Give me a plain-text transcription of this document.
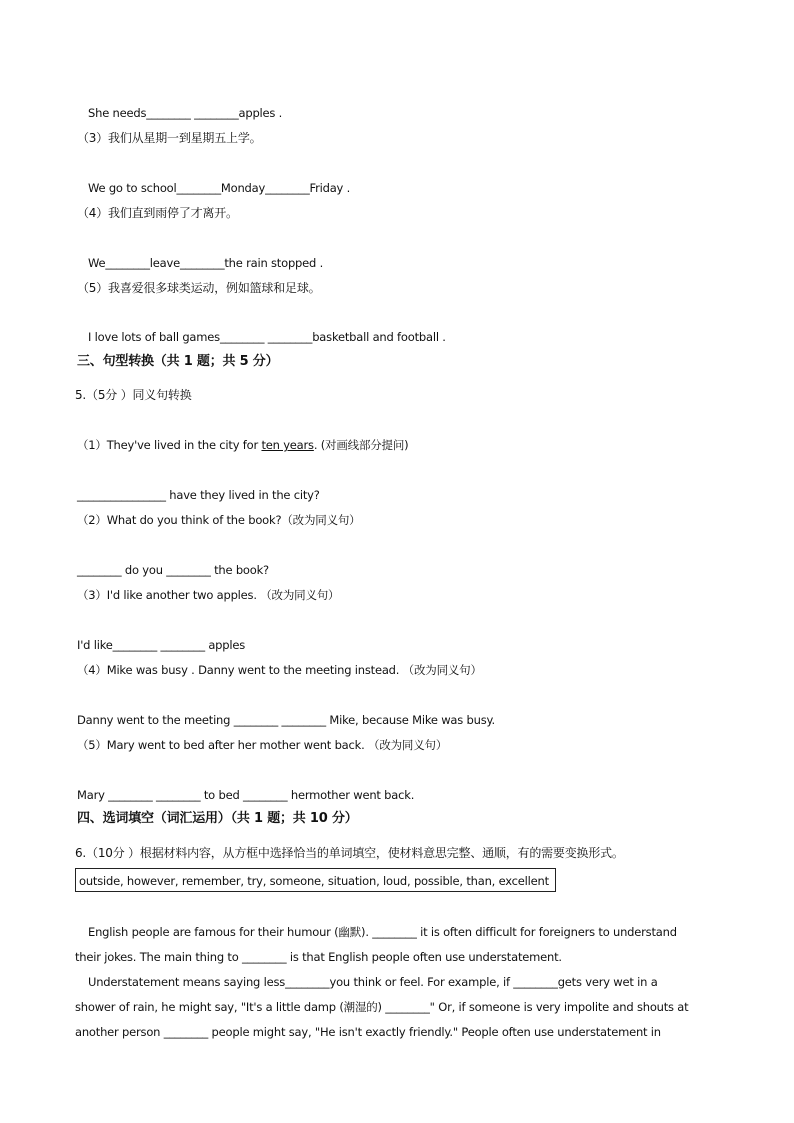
She needs________ ________apples .
（3）我们从星期一到星期五上学。
We go to school________Monday________Friday .
（4）我们直到雨停了才离开。
We________leave________the rain stopped .
（5）我喜爱很多球类运动，例如篮球和足球。
I love lots of ball games________ ________basketball and football .
三、句型转换（共 1 题；共 5 分）
5.（5分 ）同义句转换
（1）They've lived in the city for ten years. (对画线部分提问)
________________ have they lived in the city?
（2）What do you think of the book?（改为同义句）
________ do you ________ the book?
（3）I'd like another two apples. （改为同义句）
I'd like________ ________ apples
（4）Mike was busy . Danny went to the meeting instead. （改为同义句）
Danny went to the meeting ________ ________ Mike, because Mike was busy.
（5）Mary went to bed after her mother went back. （改为同义句）
Mary ________ ________ to bed ________ hermother went back.
四、选词填空（词汇运用）（共 1 题；共 10 分）
6.（10分 ）根据材料内容，从方框中选择恰当的单词填空，使材料意思完整、通顺，有的需要变换形式。
outside, however, remember, try, someone, situation, loud, possible, than, excellent
English people are famous for their humour (幽默). ________ it is often difficult for foreigners to understand
their jokes. The main thing to ________ is that English people often use understatement.
Understatement means saying less________you think or feel. For example, if ________gets very wet in a
shower of rain, he might say, "It's a little damp (潮湿的) ________" Or, if someone is very impolite and shouts at
another person ________ people might say, "He isn't exactly friendly." People often use understatement in
